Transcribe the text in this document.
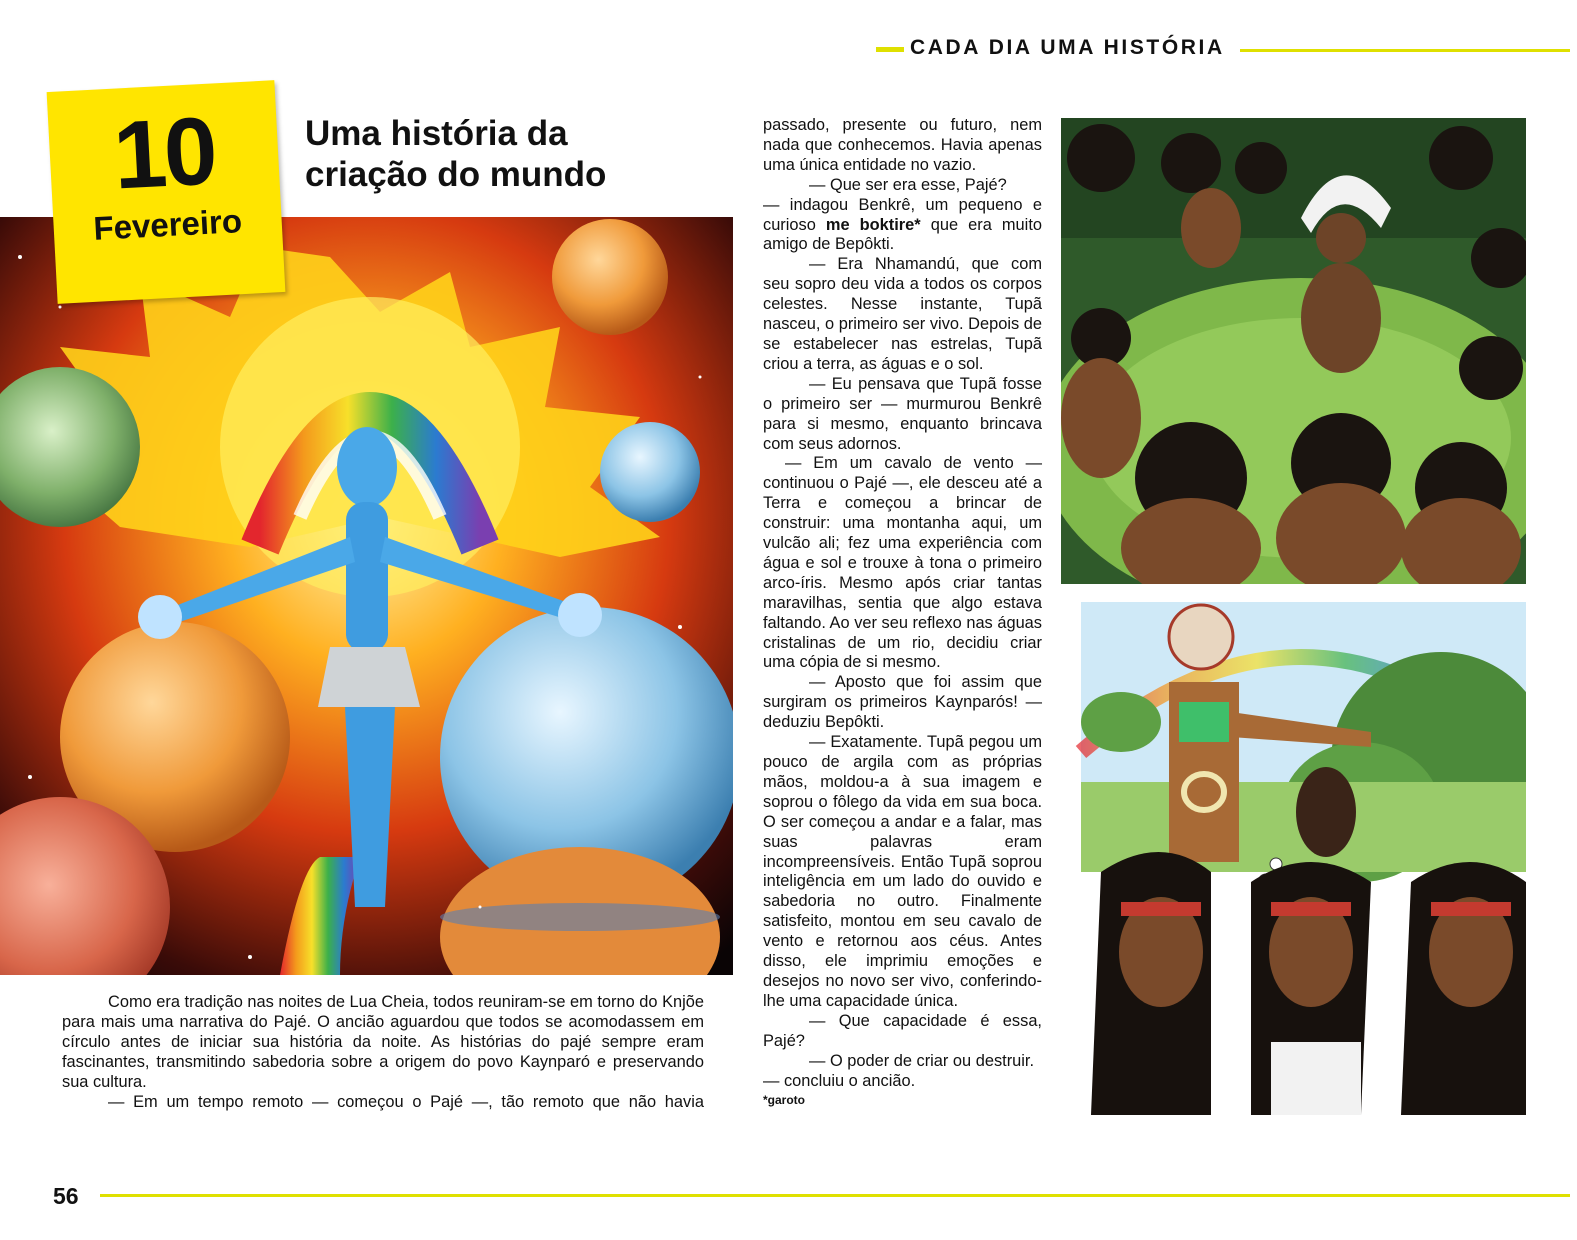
CADA DIA UMA HISTÓRIA
10
Fevereiro
Uma história da
criação do mundo

Como era tradição nas noites de Lua Cheia, todos reuniram-se em torno do Knjõe para mais uma narrativa do Pajé. O ancião aguardou que todos se acomodassem em círculo antes de iniciar sua história da noite. As histórias do pajé sempre eram fascinantes, transmitindo sabedoria sobre a origem do povo Kaynparó e preservando sua cultura.

— Em um tempo remoto — começou o Pajé —, tão remoto que não havia

passado, presente ou futuro, nem nada que conhecemos. Havia apenas uma única entidade no vazio.

— Que ser era esse, Pajé?

— indagou Benkrê, um pequeno e curioso me boktire* que era muito amigo de Bepôkti.

— Era Nhamandú, que com seu sopro deu vida a todos os corpos celestes. Nesse instante, Tupã nasceu, o primeiro ser vivo. Depois de se estabelecer nas estrelas, Tupã criou a terra, as águas e o sol.

— Eu pensava que Tupã fosse o primeiro ser — murmurou Benkrê para si mesmo, enquanto brincava com seus adornos.

— Em um cavalo de vento — continuou o Pajé —, ele desceu até a Terra e começou a brincar de construir: uma montanha aqui, um vulcão ali; fez uma experiência com água e sol e trouxe à tona o primeiro arco-íris. Mesmo após criar tantas maravilhas, sentia que algo estava faltando. Ao ver seu reflexo nas águas cristalinas de um rio, decidiu criar uma cópia de si mesmo.

— Aposto que foi assim que surgiram os primeiros Kaynparós! — deduziu Bepôkti.

— Exatamente. Tupã pegou um pouco de argila com as próprias mãos, moldou-a à sua imagem e soprou o fôlego da vida em sua boca. O ser começou a andar e a falar, mas suas palavras eram incompreensíveis. Então Tupã soprou inteligência em um lado do ouvido e sabedoria no outro. Finalmente satisfeito, montou em seu cavalo de vento e retornou aos céus. Antes disso, ele imprimiu emoções e desejos no novo ser vivo, conferindo-lhe uma capacidade única.

— Que capacidade é essa, Pajé?

— O poder de criar ou destruir.

— concluiu o ancião.

*garoto
56
